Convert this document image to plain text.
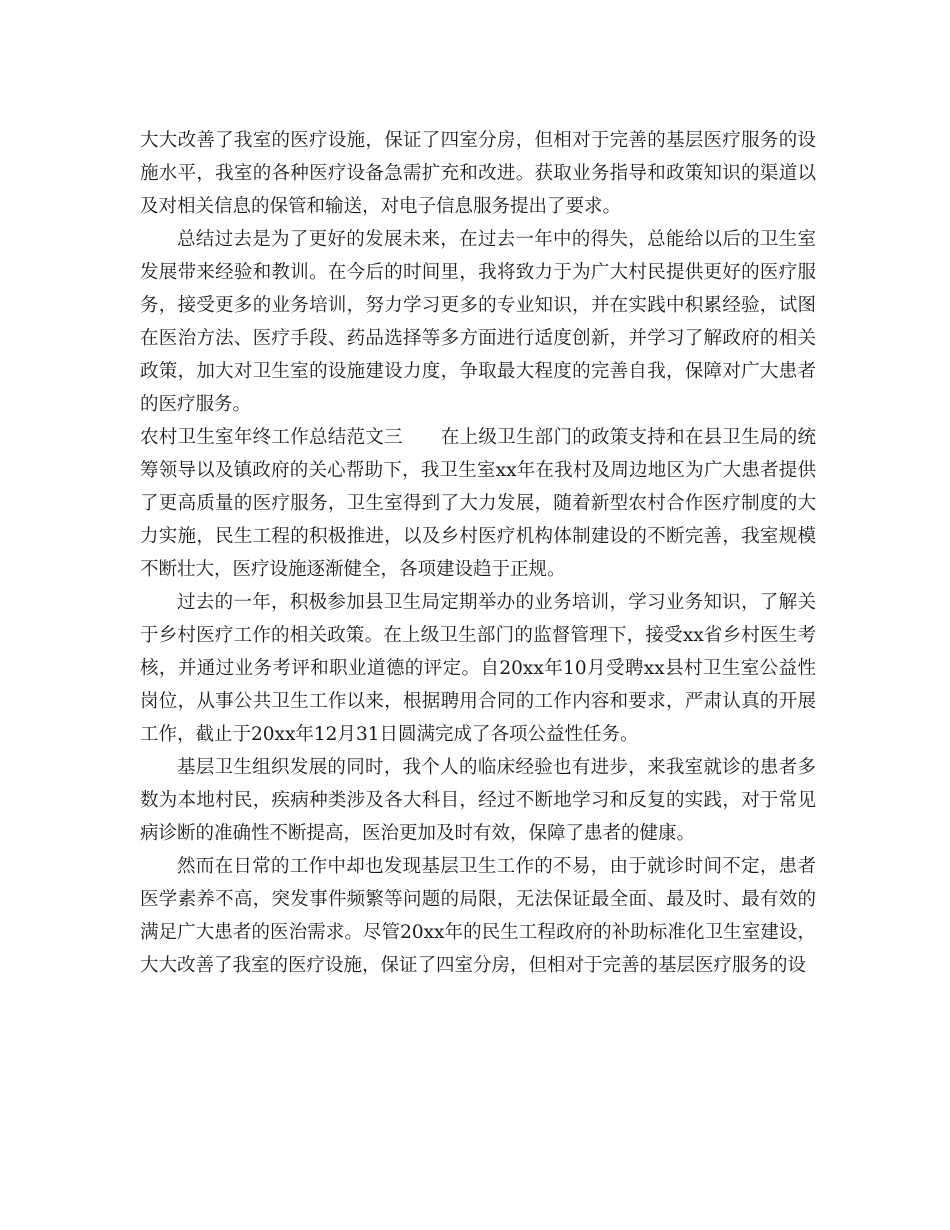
大大改善了我室的医疗设施，保证了四室分房，但相对于完善的基层医疗服务的设施水平，我室的各种医疗设备急需扩充和改进。获取业务指导和政策知识的渠道以及对相关信息的保管和输送，对电子信息服务提出了要求。

总结过去是为了更好的发展未来，在过去一年中的得失，总能给以后的卫生室发展带来经验和教训。在今后的时间里，我将致力于为广大村民提供更好的医疗服务，接受更多的业务培训，努力学习更多的专业知识，并在实践中积累经验，试图在医治方法、医疗手段、药品选择等多方面进行适度创新，并学习了解政府的相关政策，加大对卫生室的设施建设力度，争取最大程度的完善自我，保障对广大患者的医疗服务。

农村卫生室年终工作总结范文三 在上级卫生部门的政策支持和在县卫生局的统筹领导以及镇政府的关心帮助下，我卫生室xx年在我村及周边地区为广大患者提供了更高质量的医疗服务，卫生室得到了大力发展，随着新型农村合作医疗制度的大力实施，民生工程的积极推进，以及乡村医疗机构体制建设的不断完善，我室规模不断壮大，医疗设施逐渐健全，各项建设趋于正规。

过去的一年，积极参加县卫生局定期举办的业务培训，学习业务知识，了解关于乡村医疗工作的相关政策。在上级卫生部门的监督管理下，接受xx省乡村医生考核，并通过业务考评和职业道德的评定。自20xx年10月受聘xx县村卫生室公益性岗位，从事公共卫生工作以来，根据聘用合同的工作内容和要求，严肃认真的开展工作，截止于20xx年12月31日圆满完成了各项公益性任务。

基层卫生组织发展的同时，我个人的临床经验也有进步，来我室就诊的患者多数为本地村民，疾病种类涉及各大科目，经过不断地学习和反复的实践，对于常见病诊断的准确性不断提高，医治更加及时有效，保障了患者的健康。

然而在日常的工作中却也发现基层卫生工作的不易，由于就诊时间不定，患者医学素养不高，突发事件频繁等问题的局限，无法保证最全面、最及时、最有效的满足广大患者的医治需求。尽管20xx年的民生工程政府的补助标准化卫生室建设，大大改善了我室的医疗设施，保证了四室分房，但相对于完善的基层医疗服务的设
